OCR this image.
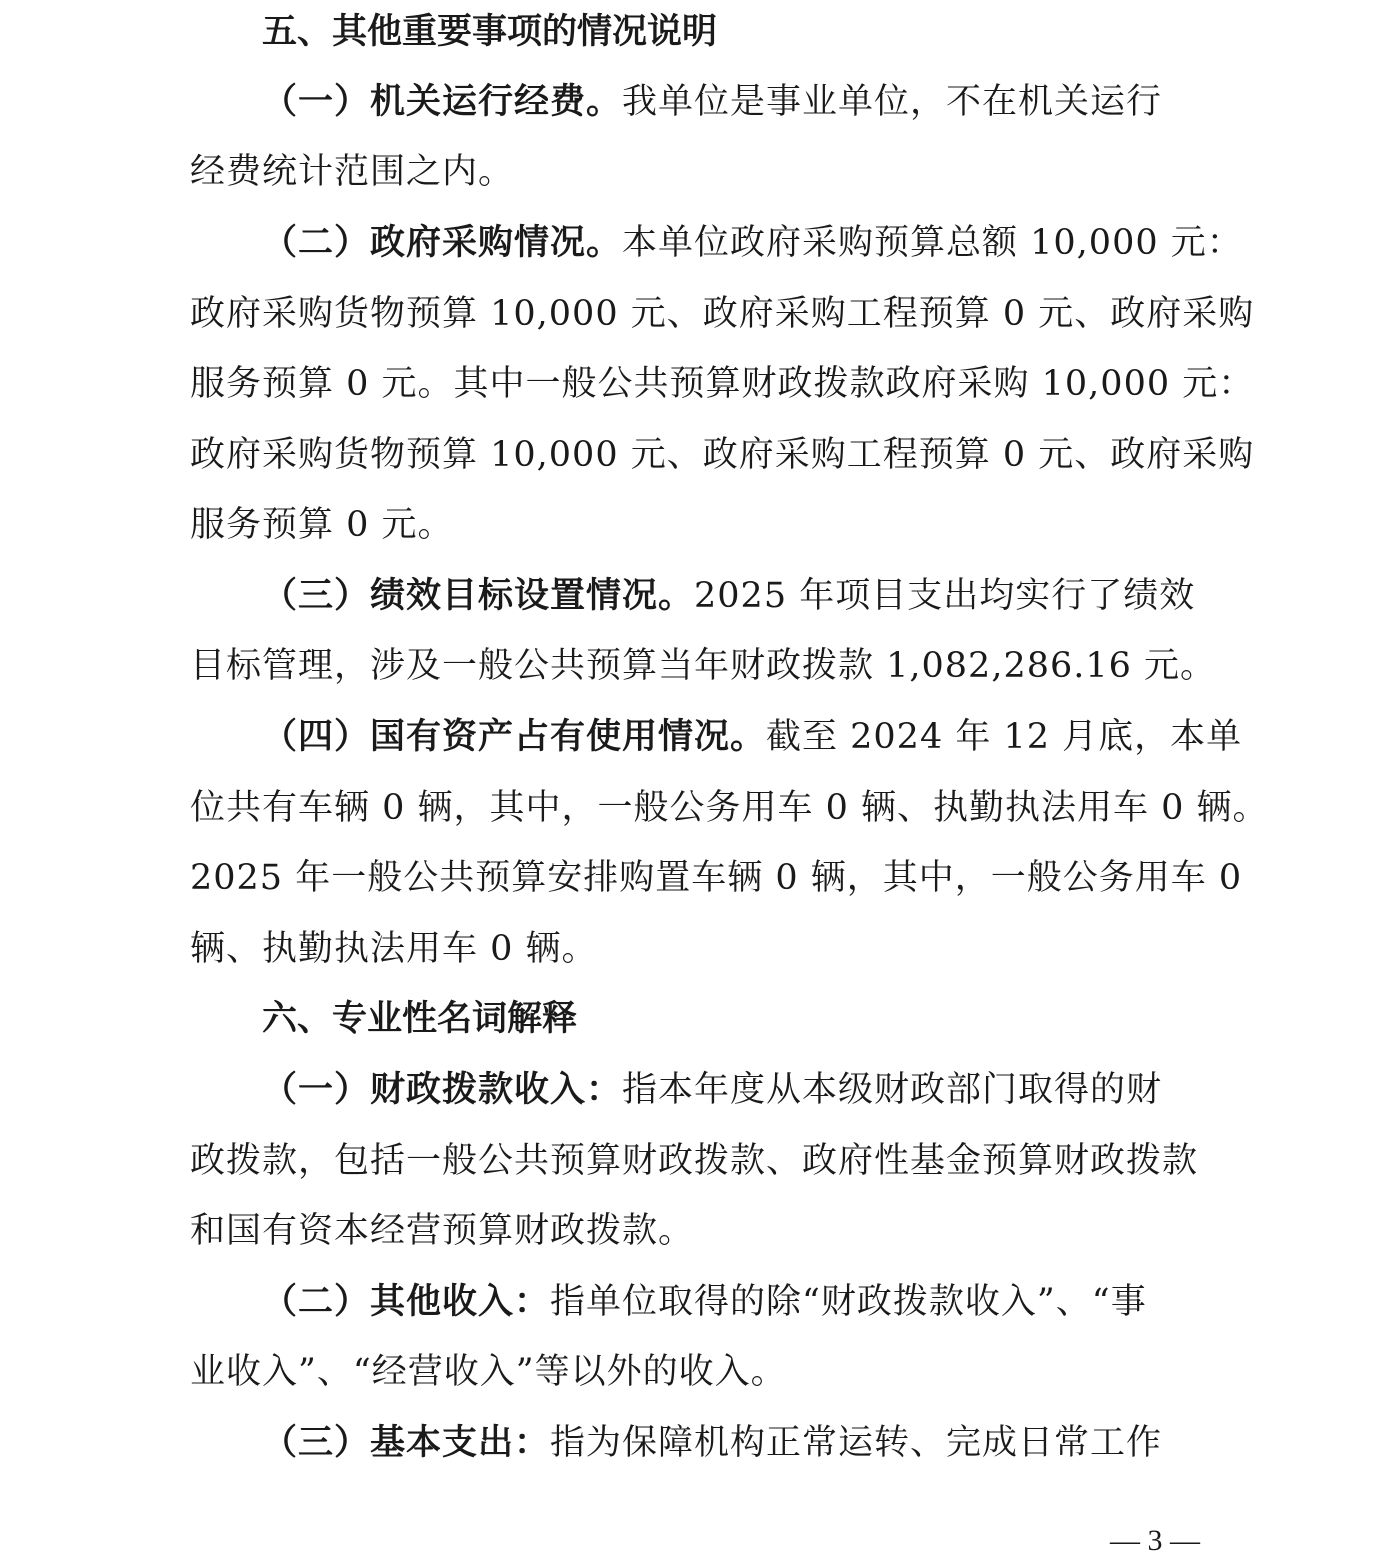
五、其他重要事项的情况说明
（一）机关运行经费。我单位是事业单位，不在机关运行
经费统计范围之内。
（二）政府采购情况。本单位政府采购预算总额 10,000 元：
政府采购货物预算 10,000 元、政府采购工程预算 0 元、政府采购
服务预算 0 元。其中一般公共预算财政拨款政府采购 10,000 元：
政府采购货物预算 10,000 元、政府采购工程预算 0 元、政府采购
服务预算 0 元。
（三）绩效目标设置情况。2025 年项目支出均实行了绩效
目标管理，涉及一般公共预算当年财政拨款 1,082,286.16 元。
（四）国有资产占有使用情况。截至 2024 年 12 月底，本单
位共有车辆 0 辆，其中，一般公务用车 0 辆、执勤执法用车 0 辆。
2025 年一般公共预算安排购置车辆 0 辆，其中，一般公务用车 0
辆、执勤执法用车 0 辆。
六、专业性名词解释
（一）财政拨款收入：指本年度从本级财政部门取得的财
政拨款，包括一般公共预算财政拨款、政府性基金预算财政拨款
和国有资本经营预算财政拨款。
（二）其他收入：指单位取得的除“财政拨款收入”、“事
业收入”、“经营收入”等以外的收入。
（三）基本支出：指为保障机构正常运转、完成日常工作
— 3 —
